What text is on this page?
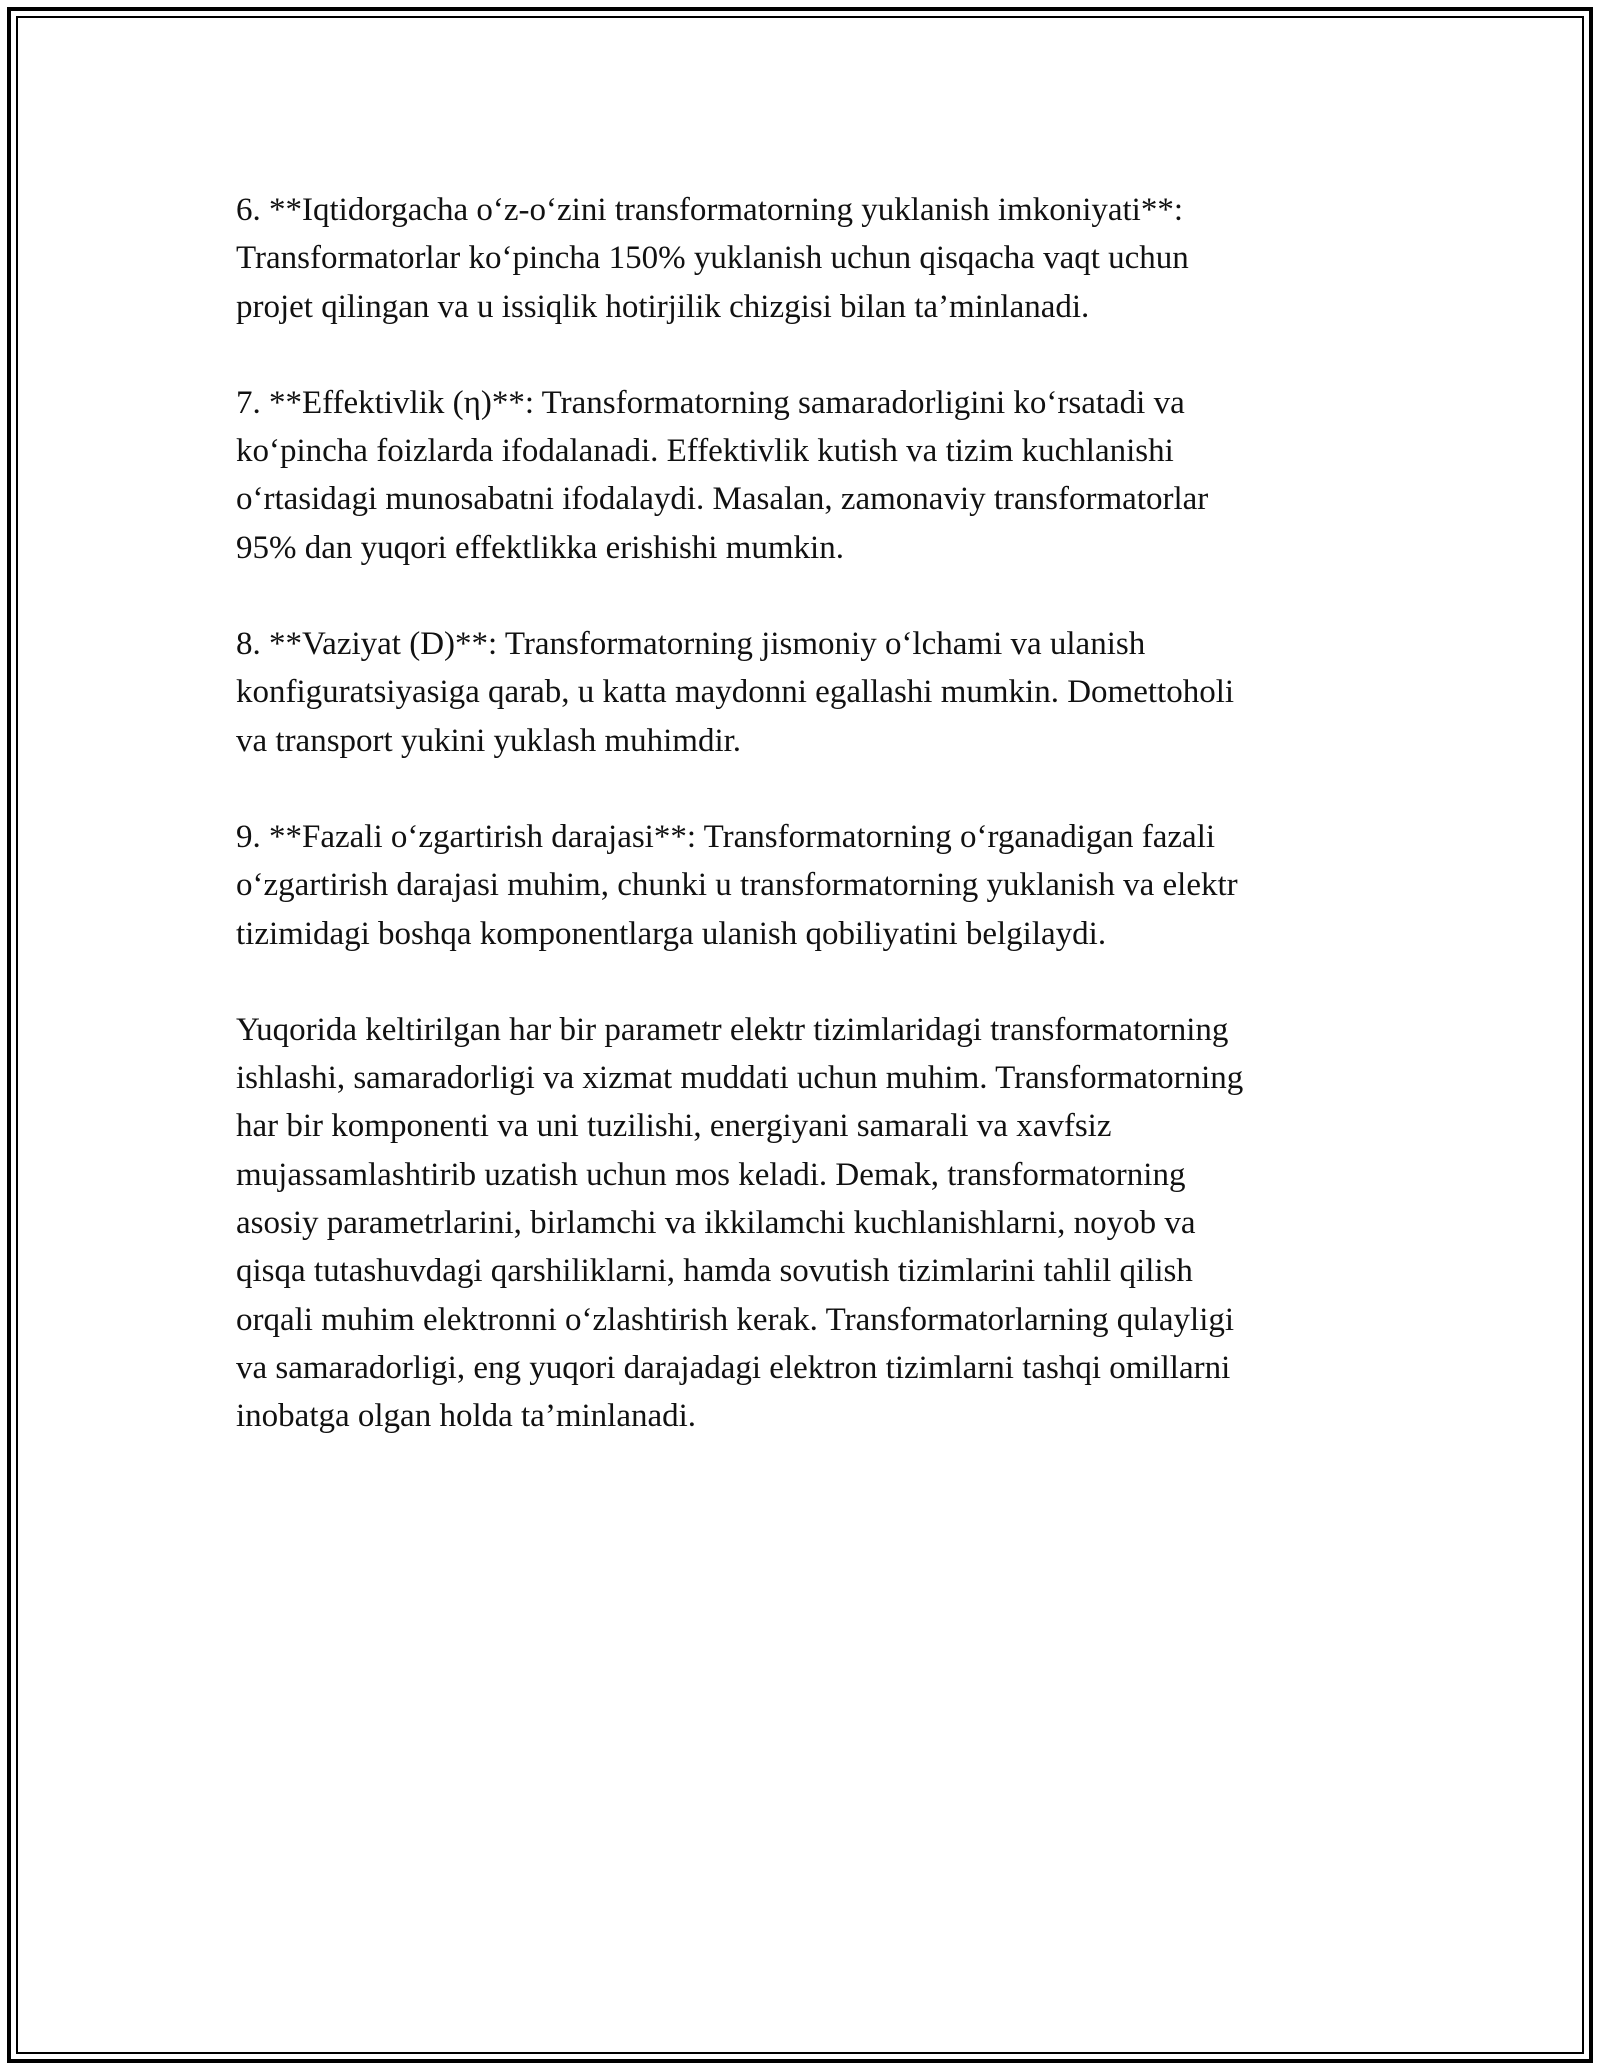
6. **Iqtidorgacha o‘z-o‘zini transformatorning yuklanish imkoniyati**:
Transformatorlar ko‘pincha 150% yuklanish uchun qisqacha vaqt uchun
projet qilingan va u issiqlik hotirjilik chizgisi bilan ta’minlanadi.

7. **Effektivlik (η)**: Transformatorning samaradorligini ko‘rsatadi va
ko‘pincha foizlarda ifodalanadi. Effektivlik kutish va tizim kuchlanishi
o‘rtasidagi munosabatni ifodalaydi. Masalan, zamonaviy transformatorlar
95% dan yuqori effektlikka erishishi mumkin.

8. **Vaziyat (D)**: Transformatorning jismoniy o‘lchami va ulanish
konfiguratsiyasiga qarab, u katta maydonni egallashi mumkin. Domettoholi
va transport yukini yuklash muhimdir.

9. **Fazali o‘zgartirish darajasi**: Transformatorning o‘rganadigan fazali
o‘zgartirish darajasi muhim, chunki u transformatorning yuklanish va elektr
tizimidagi boshqa komponentlarga ulanish qobiliyatini belgilaydi.

Yuqorida keltirilgan har bir parametr elektr tizimlaridagi transformatorning
ishlashi, samaradorligi va xizmat muddati uchun muhim. Transformatorning
har bir komponenti va uni tuzilishi, energiyani samarali va xavfsiz
mujassamlashtirib uzatish uchun mos keladi. Demak, transformatorning
asosiy parametrlarini, birlamchi va ikkilamchi kuchlanishlarni, noyob va
qisqa tutashuvdagi qarshiliklarni, hamda sovutish tizimlarini tahlil qilish
orqali muhim elektronni o‘zlashtirish kerak. Transformatorlarning qulayligi
va samaradorligi, eng yuqori darajadagi elektron tizimlarni tashqi omillarni
inobatga olgan holda ta’minlanadi.
